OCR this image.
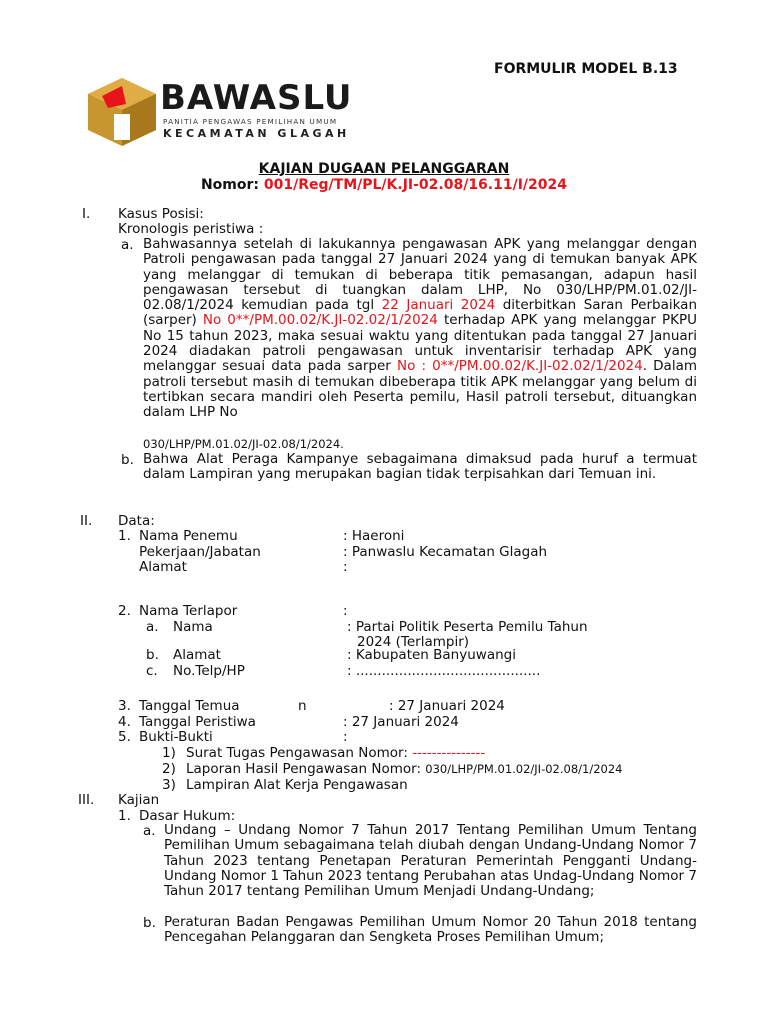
BAWASLU
PANITIA PENGAWAS PEMILIHAN UMUM
KECAMATAN GLAGAH
FORMULIR MODEL B.13
KAJIAN DUGAAN PELANGGARAN
Nomor: 001/Reg/TM/PL/K.JI-02.08/16.11/I/2024
I. Kasus Posisi:
Kronologis peristiwa :
a. Bahwasannya setelah di lakukannya pengawasan APK yang melanggar dengan Patroli pengawasan pada tanggal 27 Januari 2024 yang di temukan banyak APK yang melanggar di temukan di beberapa titik pemasangan, adapun hasil pengawasan tersebut di tuangkan dalam LHP, No 030/LHP/PM.01.02/JI-02.08/1/2024 kemudian pada tgl 22 Januari 2024 diterbitkan Saran Perbaikan (sarper) No 0**/PM.00.02/K.JI-02.02/1/2024 terhadap APK yang melanggar PKPU No 15 tahun 2023, maka sesuai waktu yang ditentukan pada tanggal 27 Januari 2024 diadakan patroli pengawasan untuk inventarisir terhadap APK yang melanggar sesuai data pada sarper No : 0**/PM.00.02/K.JI-02.02/1/2024. Dalam patroli tersebut masih di temukan dibeberapa titik APK melanggar yang belum di tertibkan secara mandiri oleh Peserta pemilu, Hasil patroli tersebut, dituangkan dalam LHP No
030/LHP/PM.01.02/JI-02.08/1/2024.
b. Bahwa Alat Peraga Kampanye sebagaimana dimaksud pada huruf a termuat dalam Lampiran yang merupakan bagian tidak terpisahkan dari Temuan ini.
II. Data:
1. Nama Penemu	: Haeroni
Pekerjaan/Jabatan	: Panwaslu Kecamatan Glagah
Alamat	:
2. Nama Terlapor	:
a. Nama	: Partai Politik Peserta Pemilu Tahun
2024 (Terlampir)
b. Alamat	: Kabupaten Banyuwangi
c. No.Telp/HP	: ...........................................
3. Tanggal Temua	n	: 27 Januari 2024
4. Tanggal Peristiwa	: 27 Januari 2024
5. Bukti-Bukti	:
1) Surat Tugas Pengawasan Nomor: ---------------
2) Laporan Hasil Pengawasan Nomor: 030/LHP/PM.01.02/JI-02.08/1/2024
3) Lampiran Alat Kerja Pengawasan
III. Kajian
1. Dasar Hukum:
a. Undang – Undang Nomor 7 Tahun 2017 Tentang Pemilihan Umum Tentang Pemilihan Umum sebagaimana telah diubah dengan Undang-Undang Nomor 7 Tahun 2023 tentang Penetapan Peraturan Pemerintah Pengganti Undang-Undang Nomor 1 Tahun 2023 tentang Perubahan atas Undag-Undang Nomor 7 Tahun 2017 tentang Pemilihan Umum Menjadi Undang-Undang;
b. Peraturan Badan Pengawas Pemilihan Umum Nomor 20 Tahun 2018 tentang Pencegahan Pelanggaran dan Sengketa Proses Pemilihan Umum;
